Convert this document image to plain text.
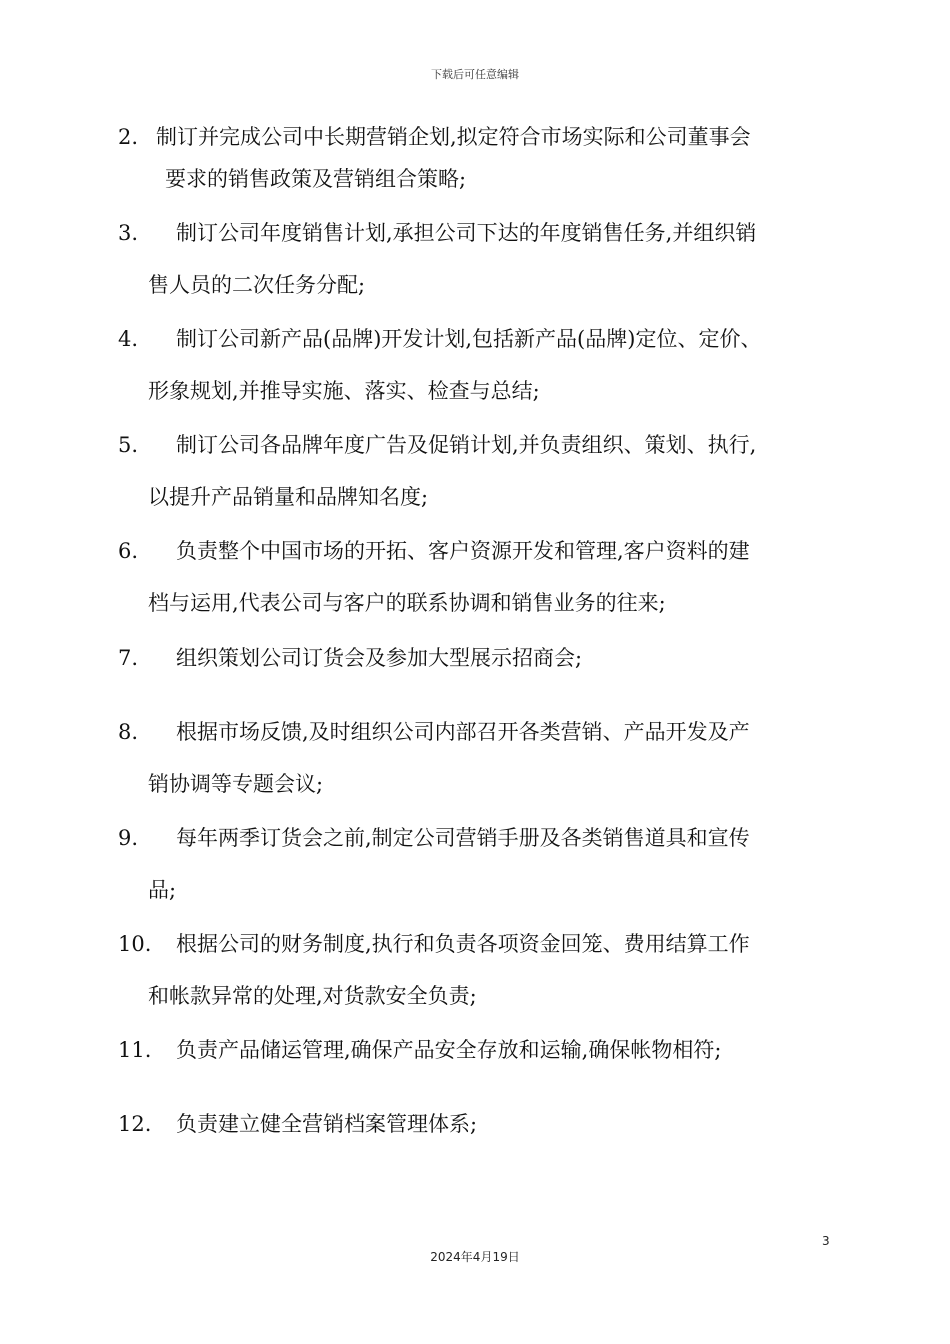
下载后可任意编辑
2. 制订并完成公司中长期营销企划,拟定符合市场实际和公司董事会
要求的销售政策及营销组合策略;
3. 制订公司年度销售计划,承担公司下达的年度销售任务,并组织销
售人员的二次任务分配;
4. 制订公司新产品(品牌)开发计划,包括新产品(品牌)定位、定价、
形象规划,并推导实施、落实、检查与总结;
5. 制订公司各品牌年度广告及促销计划,并负责组织、策划、执行,
以提升产品销量和品牌知名度;
6. 负责整个中国市场的开拓、客户资源开发和管理,客户资料的建
档与运用,代表公司与客户的联系协调和销售业务的往来;
7. 组织策划公司订货会及参加大型展示招商会;
8. 根据市场反馈,及时组织公司内部召开各类营销、产品开发及产
销协调等专题会议;
9. 每年两季订货会之前,制定公司营销手册及各类销售道具和宣传
品;
10. 根据公司的财务制度,执行和负责各项资金回笼、费用结算工作
和帐款异常的处理,对货款安全负责;
11. 负责产品储运管理,确保产品安全存放和运输,确保帐物相符;
12. 负责建立健全营销档案管理体系;
3
2024年4月19日
